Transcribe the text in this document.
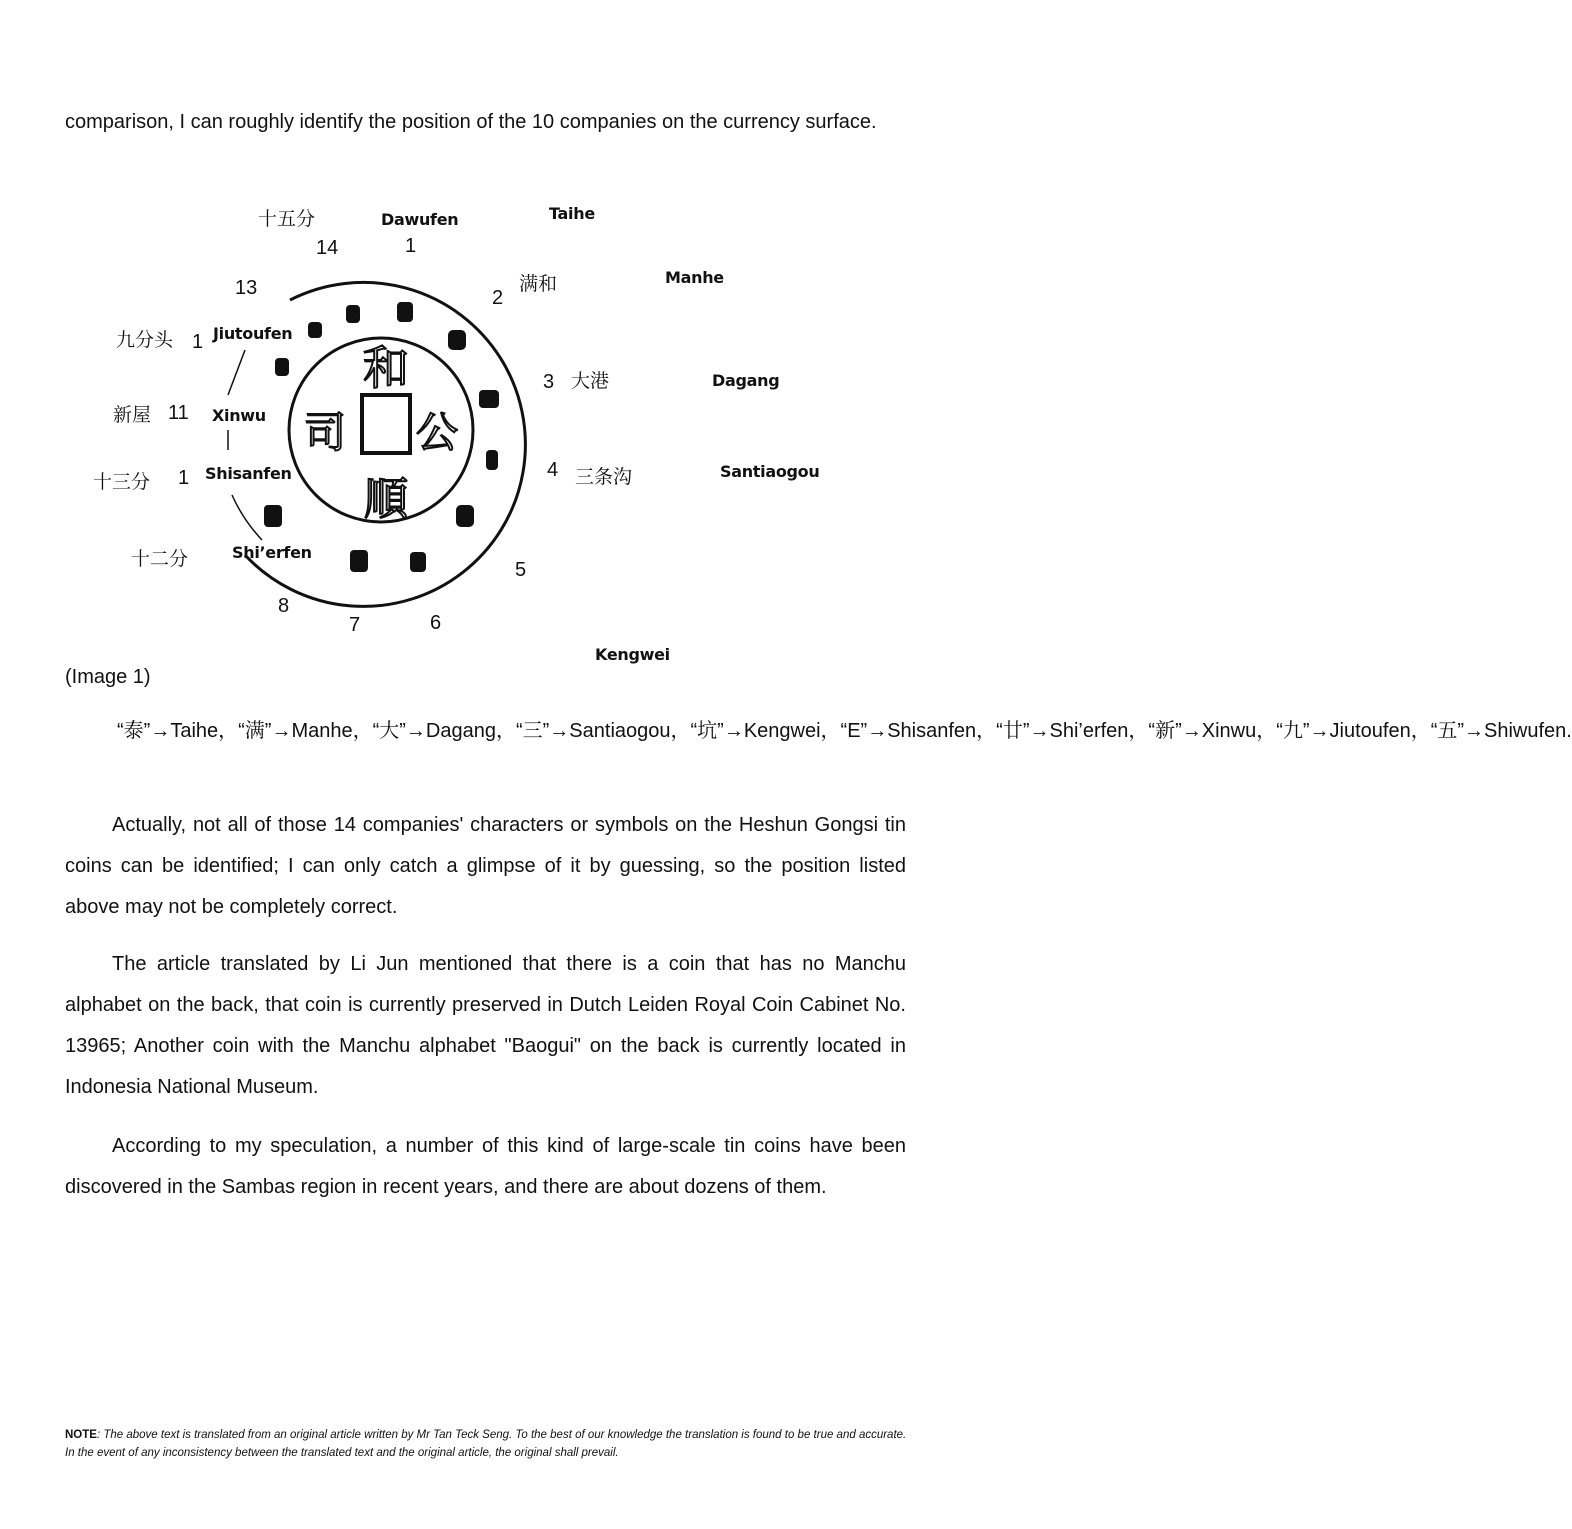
comparison, I can roughly identify the position of the 10 companies on the currency surface.
和
公
順
司
十五分	Dawufen	Taihe
14	1
13	满和
2
Manhe
九分头 1 Jiutoufen
3 大港	Dagang
新屋 11 Xinwu
十三分 1 Shisanfen	4 三条沟	Santiaogou
十二分	Shi’erfen
5
6
7
8
Kengwei
(Image 1)
“泰”→Taihe，“满”→Manhe，“大”→Dagang，“三”→Santiaogou，“坑”→Kengwei，“E”→Shisanfen，“廿”→Shi’erfen，“新”→Xinwu，“九”→Jiutoufen，“五”→Shiwufen.
Actually, not all of those 14 companies' characters or symbols on the Heshun Gongsi tin coins can be identified; I can only catch a glimpse of it by guessing, so the position listed above may not be completely correct.
The article translated by Li Jun mentioned that there is a coin that has no Manchu alphabet on the back, that coin is currently preserved in Dutch Leiden Royal Coin Cabinet No. 13965; Another coin with the Manchu alphabet "Baogui" on the back is currently located in Indonesia National Museum.
According to my speculation, a number of this kind of large-scale tin coins have been discovered in the Sambas region in recent years, and there are about dozens of them.
NOTE: The above text is translated from an original article written by Mr Tan Teck Seng. To the best of our knowledge the translation is found to be true and accurate. In the event of any inconsistency between the translated text and the original article, the original shall prevail.
